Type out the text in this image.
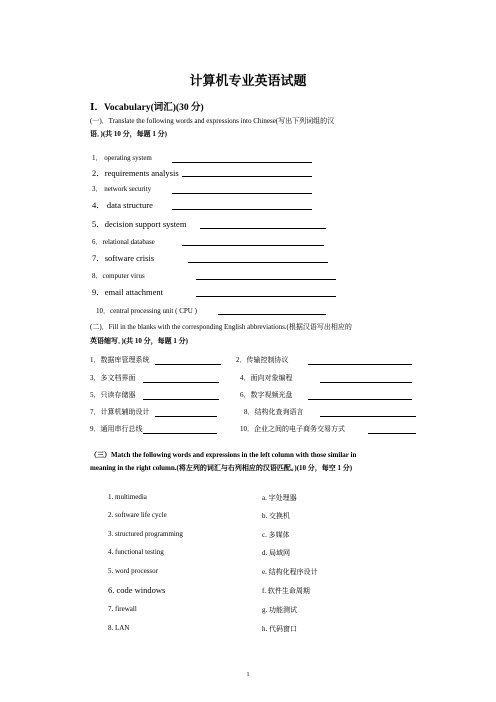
计算机专业英语试题
Ⅰ．Vocabulary(词汇)(30 分)
(一)．Translate the following words and expressions into Chinese(写出下列词组的汉
语．)(共 10 分，每题 1 分)
1． operating system
2．requirements analysis
3． network security
4． data structure
5．decision support system
6．relational database
7．software crisis
8．computer virus
9．email attachment
10．central processing unit ( CPU )
(二)．Fill in the blanks with the corresponding English abbreviations.(根据汉语写出相应的
英语缩写．)(共 10 分，每题 1 分)
1．数据库管理系统	2．传输控制协议
3．多文档界面	4．面向对象编程
5．只读存储器	6．数字视频光盘
7．计算机辅助设计	8．结构化查询语言
9．通用串行总线	10．企业之间的电子商务交易方式
（三）Match the following words and expressions in the left column with those similar in
meaning in the right column.(将左列的词汇与右列相应的汉语匹配。)(10 分，每空 1 分)
1. multimedia	a. 字处理器
2. software life cycle	b. 交换机
3. structured programming	c. 多媒体
4. functional testing	d. 局域网
5. word processor	e. 结构化程序设计
6. code windows	f. 软件生命周期
7. firewall	g. 功能测试
8. LAN	h. 代码窗口
1
